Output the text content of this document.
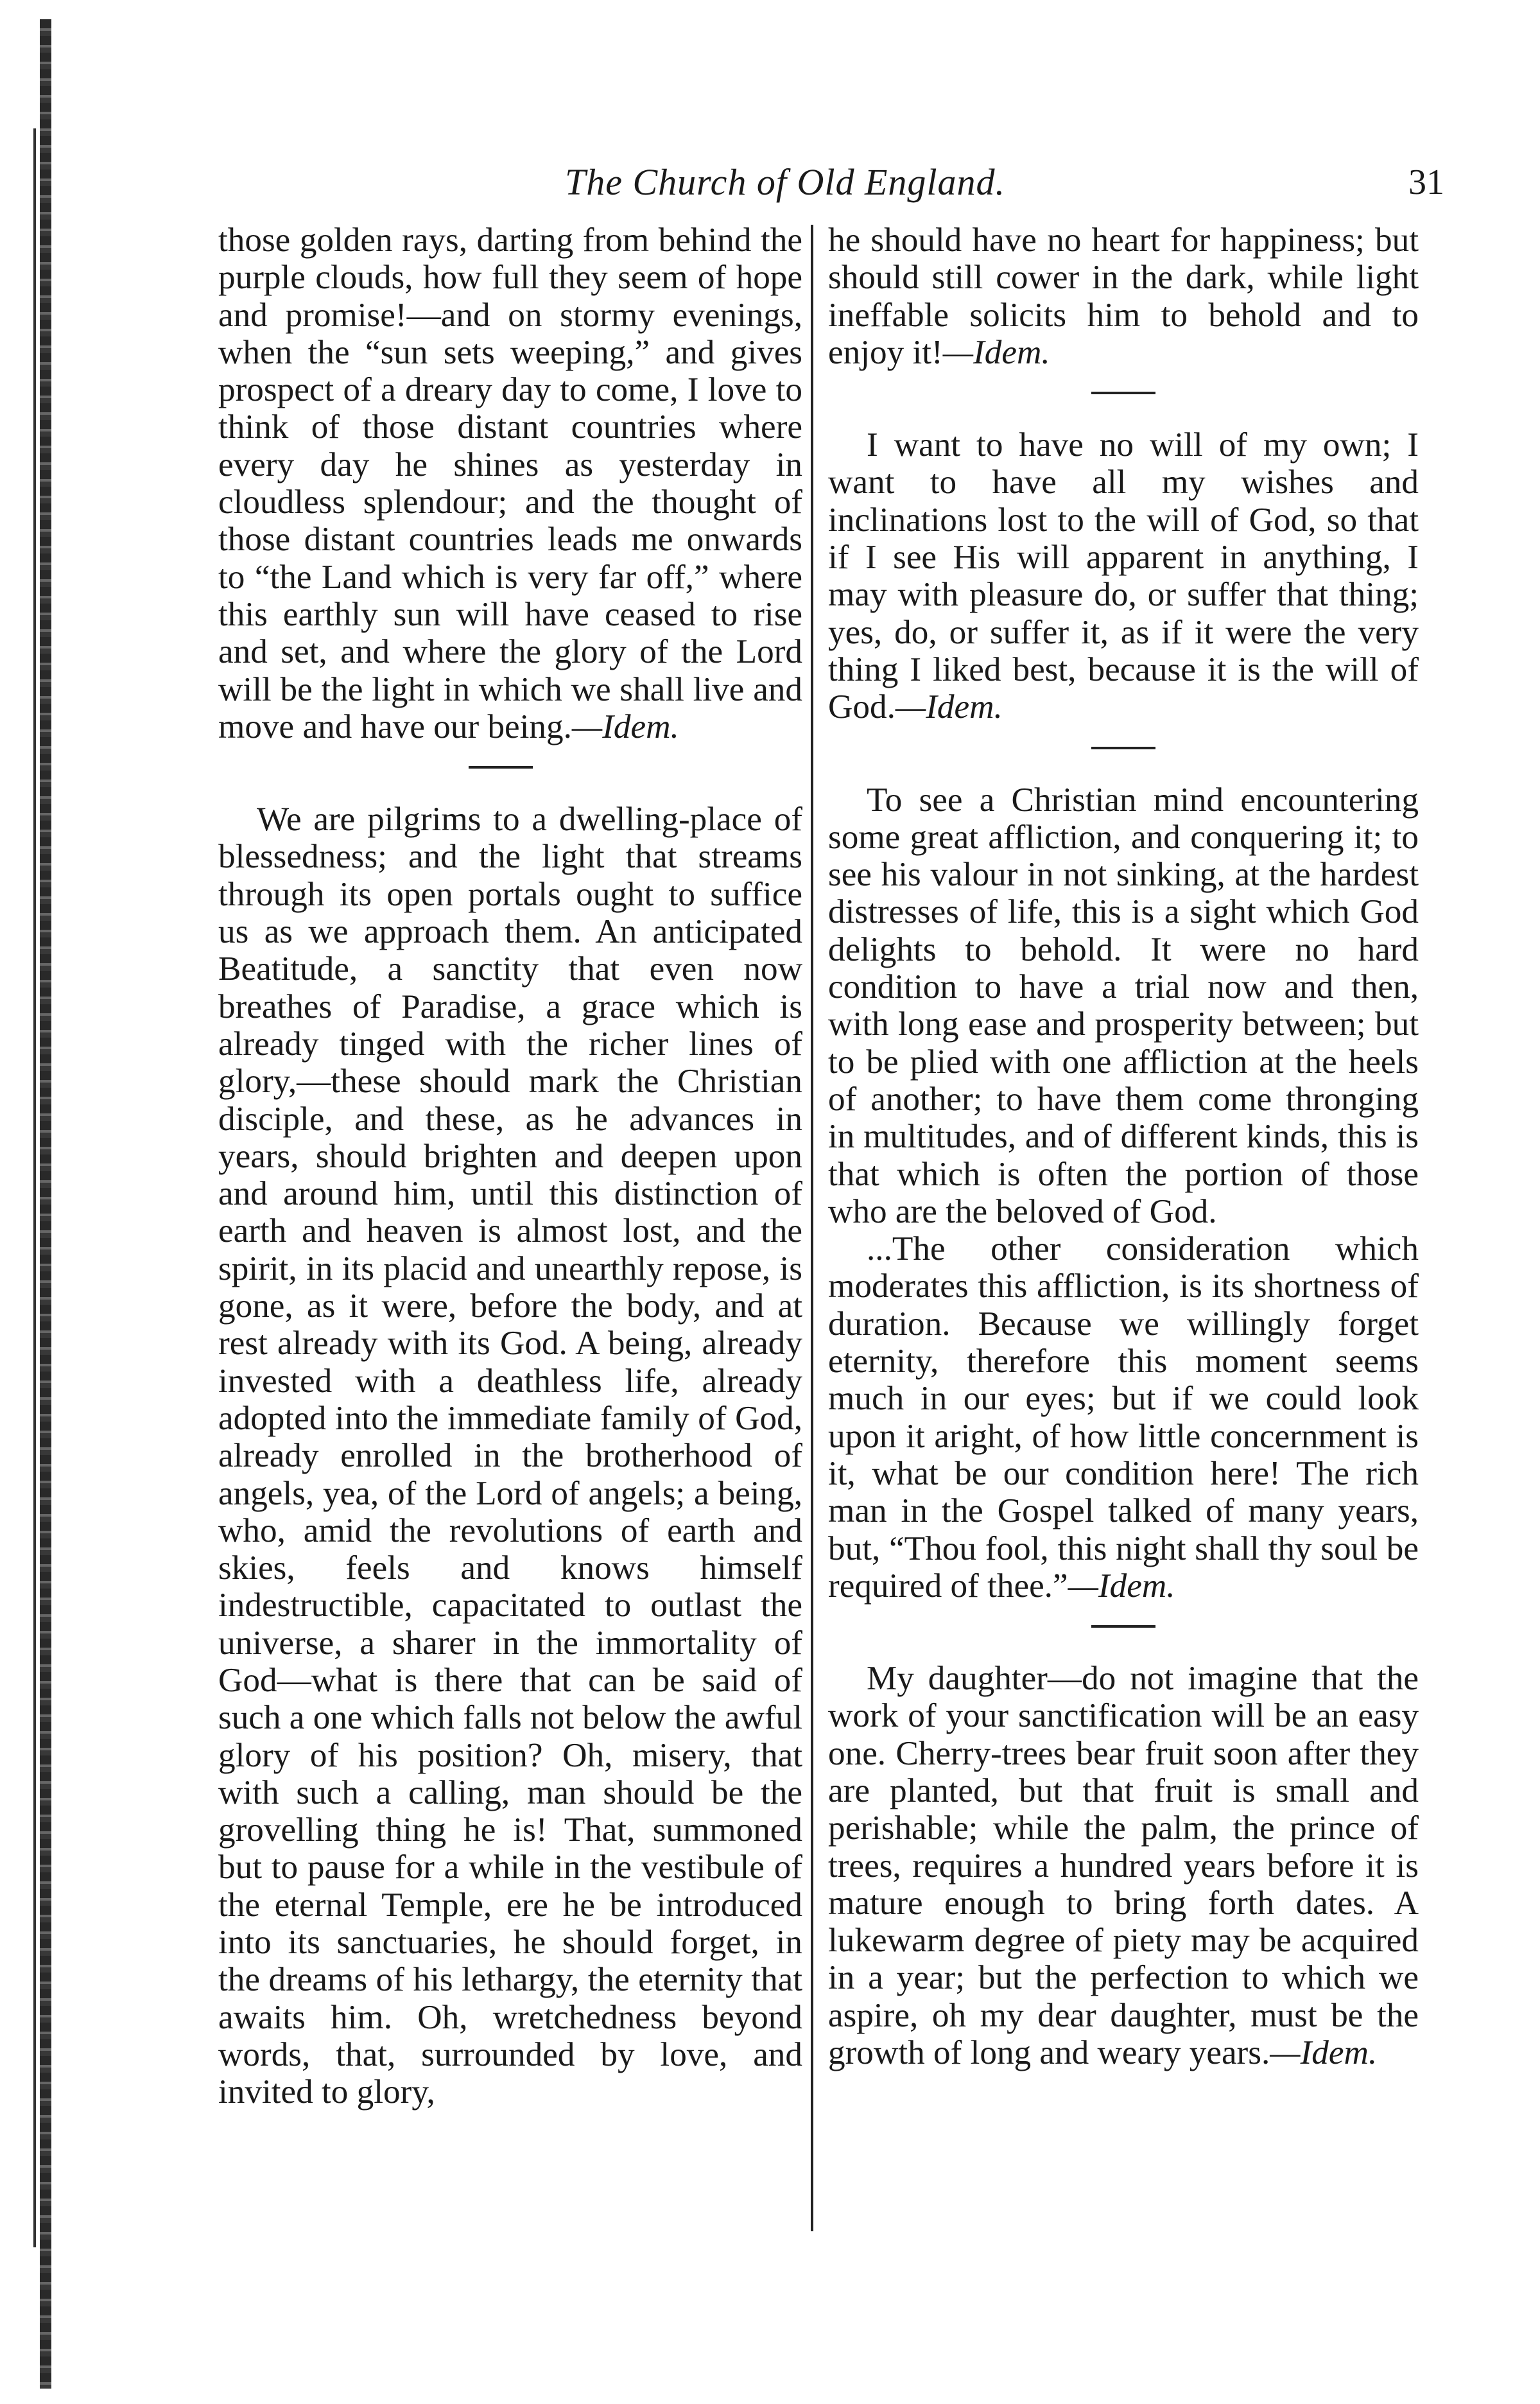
The Church of Old England.	31

those golden rays, darting from behind the purple clouds, how full they seem of hope and promise!—and on stormy evenings, when the “sun sets weeping,” and gives prospect of a dreary day to come, I love to think of those distant countries where every day he shines as yesterday in cloudless splendour; and the thought of those distant countries leads me onwards to “the Land which is very far off,” where this earthly sun will have ceased to rise and set, and where the glory of the Lord will be the light in which we shall live and move and have our being.—Idem.

We are pilgrims to a dwelling-place of blessedness; and the light that streams through its open portals ought to suffice us as we approach them. An anticipated Beatitude, a sanctity that even now breathes of Paradise, a grace which is already tinged with the richer lines of glory,—these should mark the Christian disciple, and these, as he advances in years, should brighten and deepen upon and around him, until this distinction of earth and heaven is almost lost, and the spirit, in its placid and unearthly repose, is gone, as it were, before the body, and at rest already with its God. A being, already invested with a deathless life, already adopted into the immediate family of God, already enrolled in the brotherhood of angels, yea, of the Lord of angels; a being, who, amid the revolutions of earth and skies, feels and knows himself indestructible, capacitated to outlast the universe, a sharer in the immortality of God—what is there that can be said of such a one which falls not below the awful glory of his position? Oh, misery, that with such a calling, man should be the grovelling thing he is! That, summoned but to pause for a while in the vestibule of the eternal Temple, ere he be introduced into its sanctuaries, he should forget, in the dreams of his lethargy, the eternity that awaits him. Oh, wretchedness beyond words, that, surrounded by love, and invited to glory,

he should have no heart for happiness; but should still cower in the dark, while light ineffable solicits him to behold and to enjoy it!—Idem.

I want to have no will of my own; I want to have all my wishes and inclinations lost to the will of God, so that if I see His will apparent in anything, I may with pleasure do, or suffer that thing; yes, do, or suffer it, as if it were the very thing I liked best, because it is the will of God.—Idem.

To see a Christian mind encountering some great affliction, and conquering it; to see his valour in not sinking, at the hardest distresses of life, this is a sight which God delights to behold. It were no hard condition to have a trial now and then, with long ease and prosperity between; but to be plied with one affliction at the heels of another; to have them come thronging in multitudes, and of different kinds, this is that which is often the portion of those who are the beloved of God.

...The other consideration which moderates this affliction, is its shortness of duration. Because we willingly forget eternity, therefore this moment seems much in our eyes; but if we could look upon it aright, of how little concernment is it, what be our condition here! The rich man in the Gospel talked of many years, but, “Thou fool, this night shall thy soul be required of thee.”—Idem.

My daughter—do not imagine that the work of your sanctification will be an easy one. Cherry-trees bear fruit soon after they are planted, but that fruit is small and perishable; while the palm, the prince of trees, requires a hundred years before it is mature enough to bring forth dates. A lukewarm degree of piety may be acquired in a year; but the perfection to which we aspire, oh my dear daughter, must be the growth of long and weary years.—Idem.
